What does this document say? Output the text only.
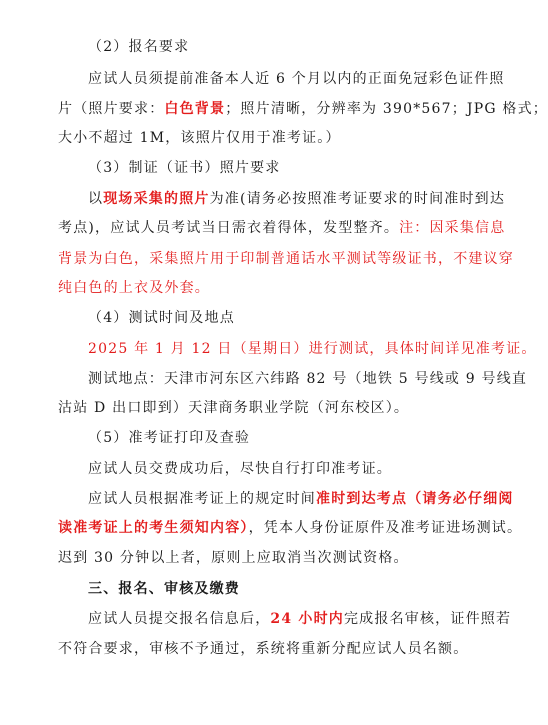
（2）报名要求
应试人员须提前准备本人近 6 个月以内的正面免冠彩色证件照
片（照片要求：白色背景；照片清晰，分辨率为 390*567；JPG 格式；
大小不超过 1M，该照片仅用于准考证。）
（3）制证（证书）照片要求
以现场采集的照片为准(请务必按照准考证要求的时间准时到达
考点)，应试人员考试当日需衣着得体，发型整齐。注：因采集信息
背景为白色，采集照片用于印制普通话水平测试等级证书，不建议穿
纯白色的上衣及外套。
（4）测试时间及地点
2025 年 1 月 12 日（星期日）进行测试，具体时间详见准考证。
测试地点：天津市河东区六纬路 82 号（地铁 5 号线或 9 号线直
沽站 D 出口即到）天津商务职业学院（河东校区）。
（5）准考证打印及查验
应试人员交费成功后，尽快自行打印准考证。
应试人员根据准考证上的规定时间准时到达考点（请务必仔细阅
读准考证上的考生须知内容），凭本人身份证原件及准考证进场测试。
迟到 30 分钟以上者，原则上应取消当次测试资格。
三、报名、审核及缴费
应试人员提交报名信息后，24 小时内完成报名审核，证件照若
不符合要求，审核不予通过，系统将重新分配应试人员名额。
